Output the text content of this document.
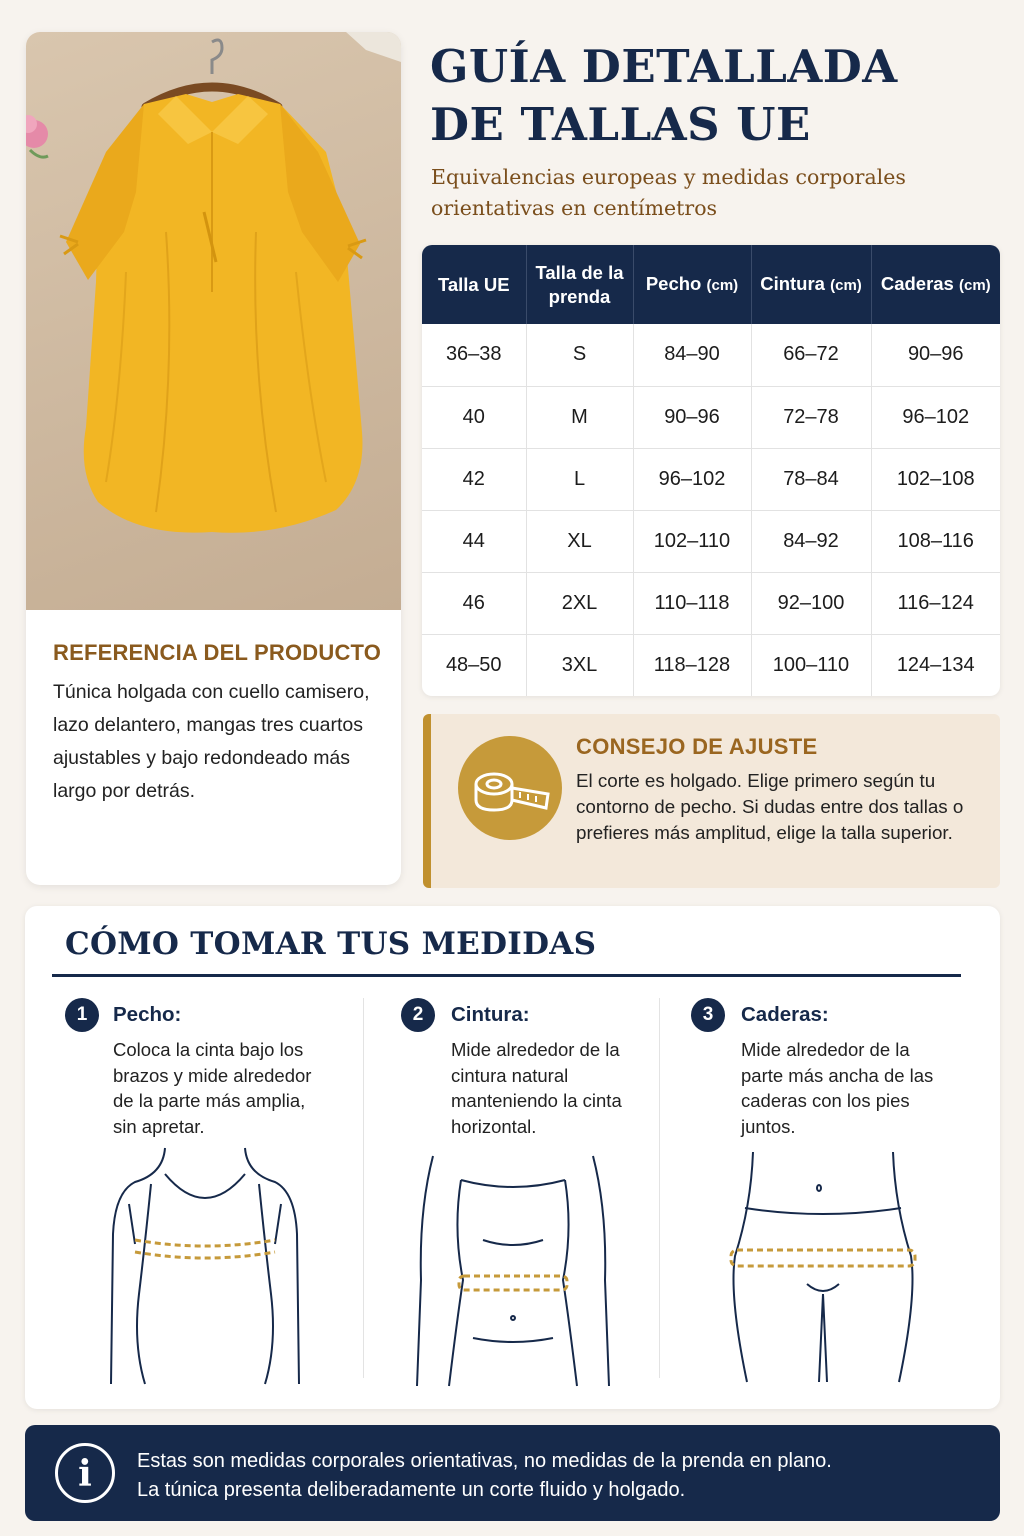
REFERENCIA DEL PRODUCTO
Túnica holgada con cuello camisero, lazo delantero, mangas tres cuartos ajustables y bajo redondeado más largo por detrás.
GUÍA DETALLADA
DE TALLAS UE
Equivalencias europeas y medidas corporales
orientativas en centímetros
Talla UE	Talla de la prenda	Pecho (cm)	Cintura (cm)	Caderas (cm)
36–38	S	84–90	66–72	90–96
40	M	90–96	72–78	96–102
42	L	96–102	78–84	102–108
44	XL	102–110	84–92	108–116
46	2XL	110–118	92–100	116–124
48–50	3XL	118–128	100–110	124–134
CONSEJO DE AJUSTE
El corte es holgado. Elige primero según tu contorno de pecho. Si dudas entre dos tallas o prefieres más amplitud, elige la talla superior.
CÓMO TOMAR TUS MEDIDAS
1	Pecho:
Coloca la cinta bajo los brazos y mide alrededor de la parte más amplia, sin apretar.
2	Cintura:
Mide alrededor de la cintura natural manteniendo la cinta horizontal.
3	Caderas:
Mide alrededor de la parte más ancha de las caderas con los pies juntos.
i	Estas son medidas corporales orientativas, no medidas de la prenda en plano.
La túnica presenta deliberadamente un corte fluido y holgado.
